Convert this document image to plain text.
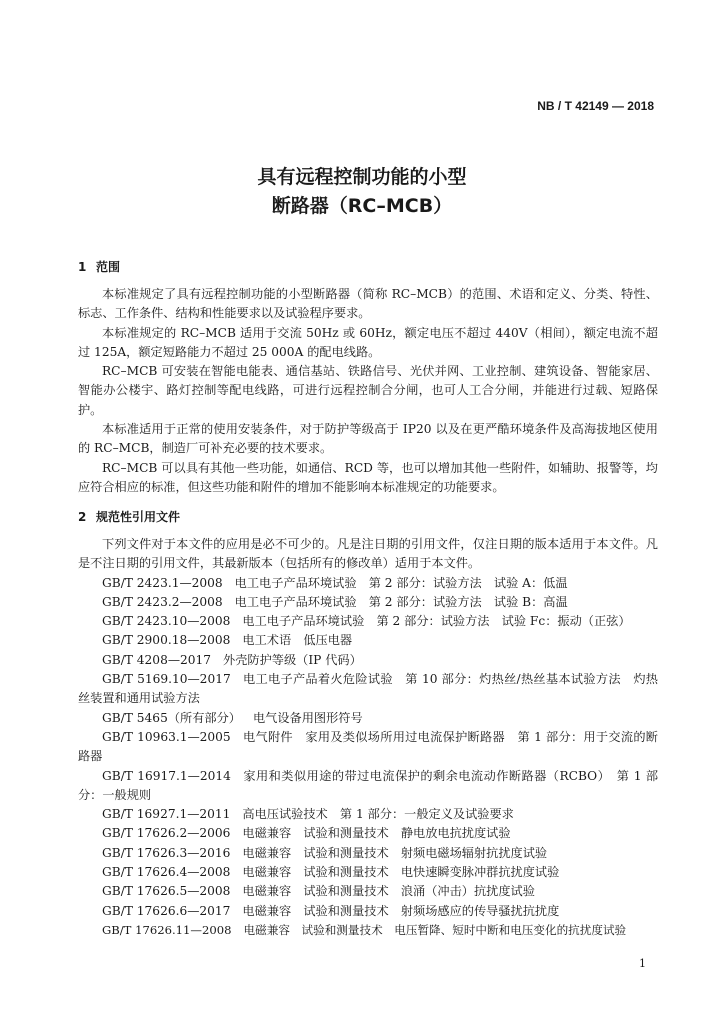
NB / T 42149 — 2018
具有远程控制功能的小型
断路器（RC–MCB）
1 范围

本标准规定了具有远程控制功能的小型断路器（简称 RC–MCB）的范围、术语和定义、分类、特性、标志、工作条件、结构和性能要求以及试验程序要求。

本标准规定的 RC–MCB 适用于交流 50Hz 或 60Hz，额定电压不超过 440V（相间），额定电流不超过 125A，额定短路能力不超过 25 000A 的配电线路。

RC–MCB 可安装在智能电能表、通信基站、铁路信号、光伏并网、工业控制、建筑设备、智能家居、智能办公楼宇、路灯控制等配电线路，可进行远程控制合分闸，也可人工合分闸，并能进行过载、短路保护。

本标准适用于正常的使用安装条件，对于防护等级高于 IP20 以及在更严酷环境条件及高海拔地区使用的 RC–MCB，制造厂可补充必要的技术要求。

RC–MCB 可以具有其他一些功能，如通信、RCD 等，也可以增加其他一些附件，如辅助、报警等，均应符合相应的标准，但这些功能和附件的增加不能影响本标准规定的功能要求。

2 规范性引用文件

下列文件对于本文件的应用是必不可少的。凡是注日期的引用文件，仅注日期的版本适用于本文件。凡是不注日期的引用文件，其最新版本（包括所有的修改单）适用于本文件。

GB/T 2423.1—2008 电工电子产品环境试验　第 2 部分：试验方法　试验 A：低温

GB/T 2423.2—2008 电工电子产品环境试验　第 2 部分：试验方法　试验 B：高温

GB/T 2423.10—2008 电工电子产品环境试验　第 2 部分：试验方法　试验 Fc：振动（正弦）

GB/T 2900.18—2008 电工术语　低压电器

GB/T 4208—2017 外壳防护等级（IP 代码）

GB/T 5169.10—2017 电工电子产品着火危险试验　第 10 部分：灼热丝/热丝基本试验方法　灼热丝装置和通用试验方法

GB/T 5465（所有部分） 电气设备用图形符号

GB/T 10963.1—2005 电气附件　家用及类似场所用过电流保护断路器　第 1 部分：用于交流的断路器

GB/T 16917.1—2014 家用和类似用途的带过电流保护的剩余电流动作断路器（RCBO）　第 1 部分：一般规则

GB/T 16927.1—2011 高电压试验技术　第 1 部分：一般定义及试验要求

GB/T 17626.2—2006 电磁兼容　试验和测量技术　静电放电抗扰度试验

GB/T 17626.3—2016 电磁兼容　试验和测量技术　射频电磁场辐射抗扰度试验

GB/T 17626.4—2008 电磁兼容　试验和测量技术　电快速瞬变脉冲群抗扰度试验

GB/T 17626.5—2008 电磁兼容　试验和测量技术　浪涌（冲击）抗扰度试验

GB/T 17626.6—2017 电磁兼容　试验和测量技术　射频场感应的传导骚扰抗扰度

GB/T 17626.11—2008 电磁兼容　试验和测量技术　电压暂降、短时中断和电压变化的抗扰度试验

1
